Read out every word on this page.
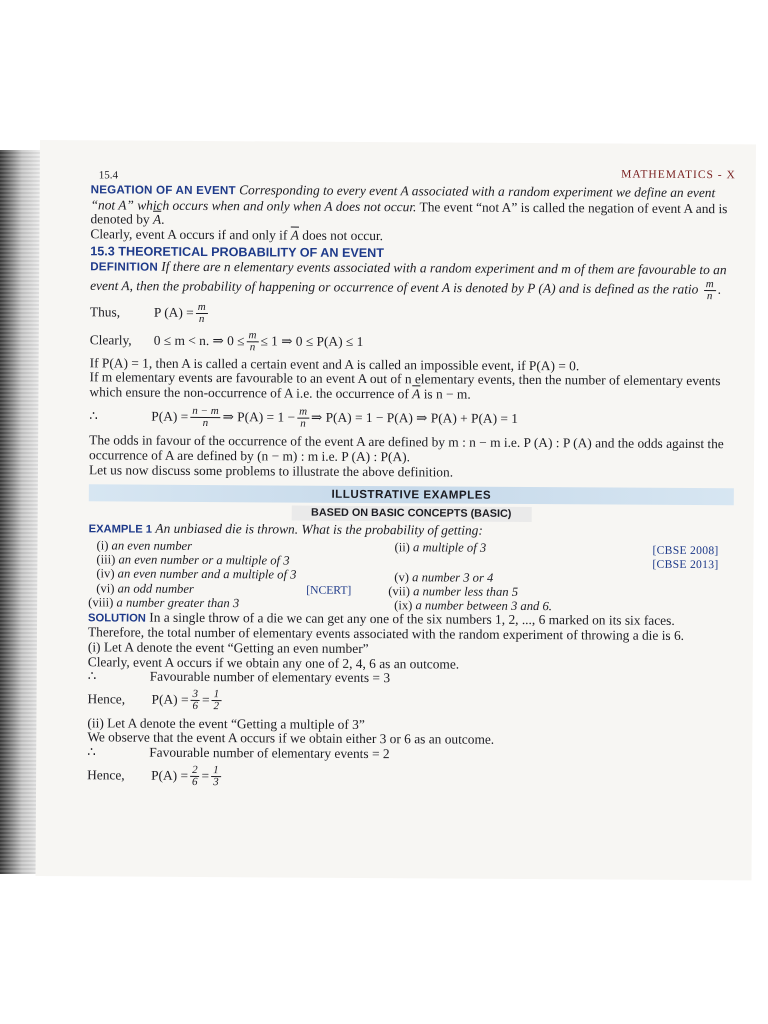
15.4	MATHEMATICS - X

NEGATION OF AN EVENT Corresponding to every event A associated with a random experiment we define an event “not A” which occurs when and only when A does not occur. The event “not A” is called the negation of event A and is denoted by $\overline{A}$.

Clearly, event A occurs if and only if $\overline{A}$ does not occur.

15.3 THEORETICAL PROBABILITY OF AN EVENT

DEFINITION If there are n elementary events associated with a random experiment and m of them are favourable to an event A, then the probability of happening or occurrence of event A is denoted by P (A) and is defined as the ratio $\frac{m}{n}$ .

Thus,	P $(A) = \frac{m}{n}$
Clearly,	0 ≤ m < n. ⇒ $0 \le \frac{m}{n} \le 1$ ⇒ 0 ≤ P(A) ≤ 1

If P(A) = 1, then A is called a certain event and A is called an impossible event, if P(A) = 0.

If m elementary events are favourable to an event A out of n elementary events, then the number of elementary events which ensure the non-occurrence of A i.e. the occurrence of $\overline{A}$ is n − m.

∴	$P(A) = \frac{n - m}{n}$ ⇒ $P(A) = 1 - \frac{m}{n}$ ⇒ P(A) = 1 − P(A) ⇒ P(A) + P(A) = 1

The odds in favour of the occurrence of the event A are defined by m : n − m i.e. P (A) : P (A) and the odds against the occurrence of A are defined by (n − m) : m i.e. P (A) : P(A).

Let us now discuss some problems to illustrate the above definition.

ILLUSTRATIVE EXAMPLES
BASED ON BASIC CONCEPTS (BASIC)

EXAMPLE 1 An unbiased die is thrown. What is the probability of getting:

(i) an even number	(ii) a multiple of 3	[CBSE 2008]
(iii) an even number or a multiple of 3	[CBSE 2013]
(iv) an even number and a multiple of 3	(v) a number 3 or 4
(vi) an odd number	[NCERT]	(vii) a number less than 5
(viii) a number greater than 3	(ix) a number between 3 and 6.

SOLUTION In a single throw of a die we can get any one of the six numbers 1, 2, ..., 6 marked on its six faces. Therefore, the total number of elementary events associated with the random experiment of throwing a die is 6.

(i) Let A denote the event “Getting an even number”

Clearly, event A occurs if we obtain any one of 2, 4, 6 as an outcome.

∴	Favourable number of elementary events = 3

Hence,	$P(A) = \frac{3}{6} = \frac{1}{2}$

(ii) Let A denote the event “Getting a multiple of 3”

We observe that the event A occurs if we obtain either 3 or 6 as an outcome.

∴	Favourable number of elementary events = 2

Hence,	$P(A) = \frac{2}{6} = \frac{1}{3}$
